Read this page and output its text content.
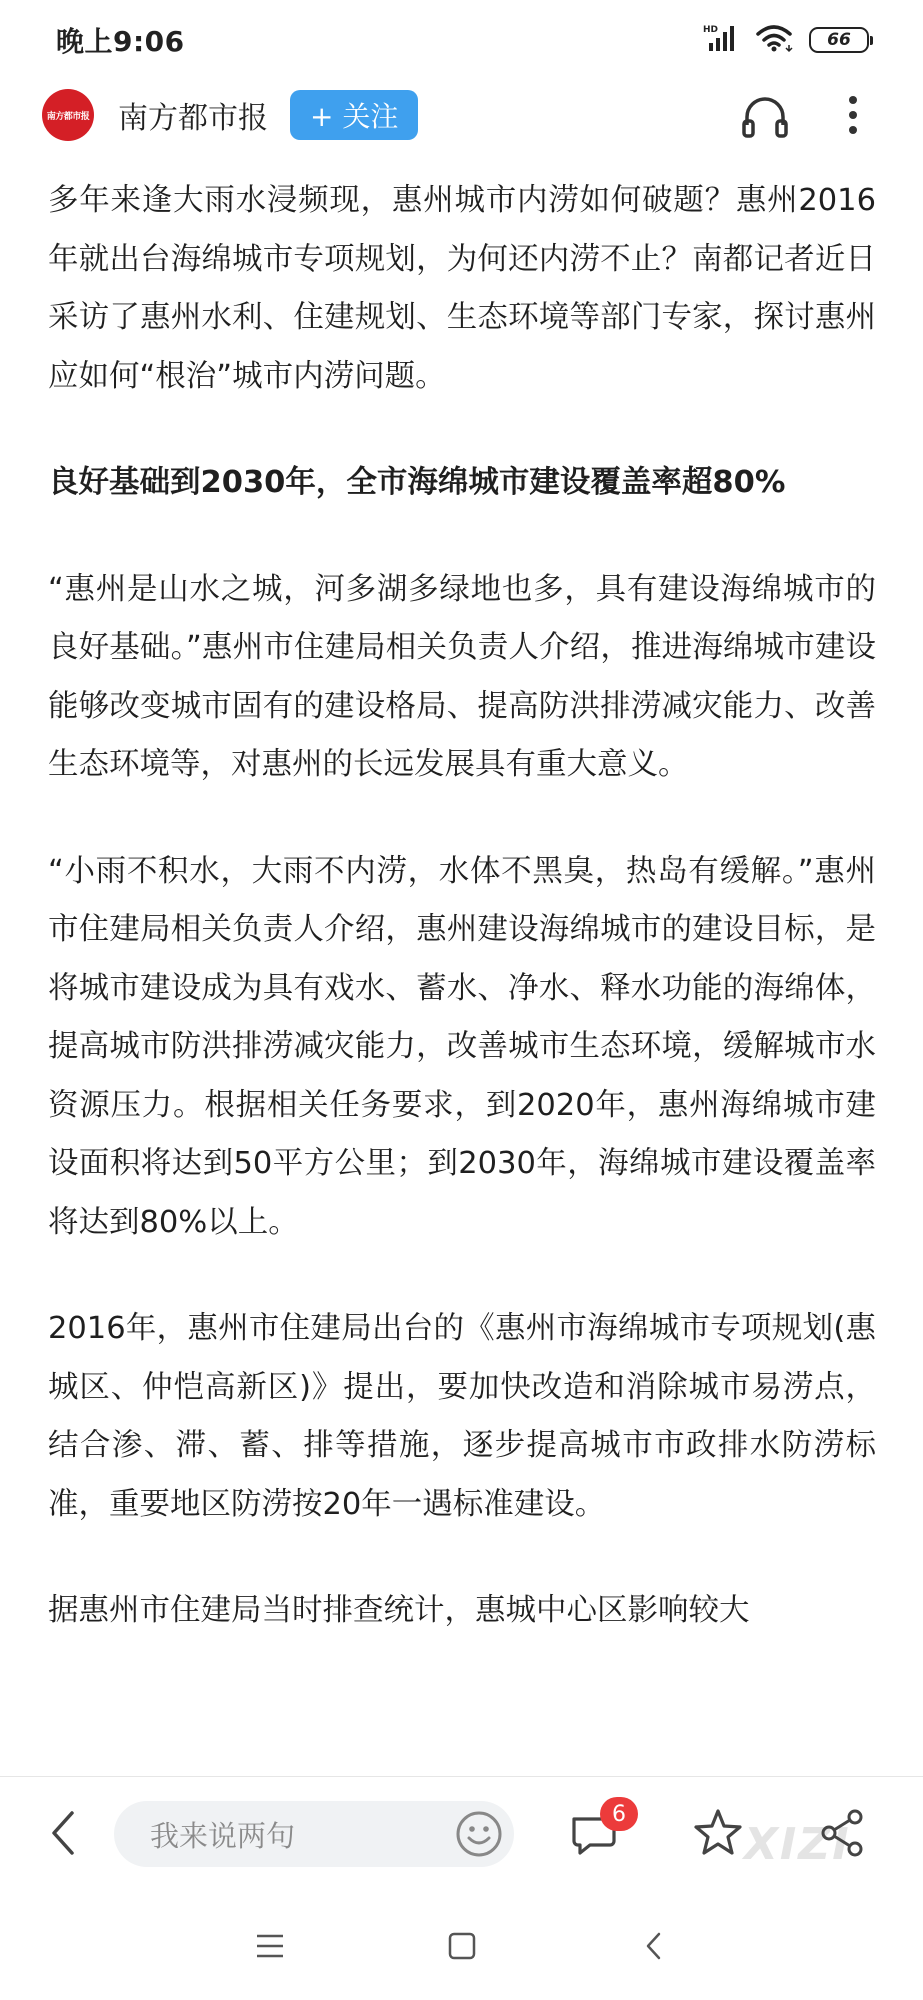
晚上9:06	HD	66
南方都市报 南方都市报	+ 关注

多年来逢大雨水浸频现，惠州城市内涝如何破题？惠州2016年就出台海绵城市专项规划，为何还内涝不止？南都记者近日采访了惠州水利、住建规划、生态环境等部门专家，探讨惠州应如何“根治”城市内涝问题。

良好基础到2030年，全市海绵城市建设覆盖率超80%

“惠州是山水之城，河多湖多绿地也多，具有建设海绵城市的良好基础。”惠州市住建局相关负责人介绍，推进海绵城市建设能够改变城市固有的建设格局、提高防洪排涝减灾能力、改善生态环境等，对惠州的长远发展具有重大意义。

“小雨不积水，大雨不内涝，水体不黑臭，热岛有缓解。”惠州市住建局相关负责人介绍，惠州建设海绵城市的建设目标，是将城市建设成为具有戏水、蓄水、净水、释水功能的海绵体，提高城市防洪排涝减灾能力，改善城市生态环境，缓解城市水资源压力。根据相关任务要求，到2020年，惠州海绵城市建设面积将达到50平方公里；到2030年，海绵城市建设覆盖率将达到80%以上。

2016年，惠州市住建局出台的《惠州市海绵城市专项规划(惠城区、仲恺高新区)》提出，要加快改造和消除城市易涝点，结合渗、滞、蓄、排等措施，逐步提高城市市政排水防涝标准，重要地区防涝按20年一遇标准建设。

据惠州市住建局当时排查统计，惠城中心区影响较大

我来说两句
6
XIZI
